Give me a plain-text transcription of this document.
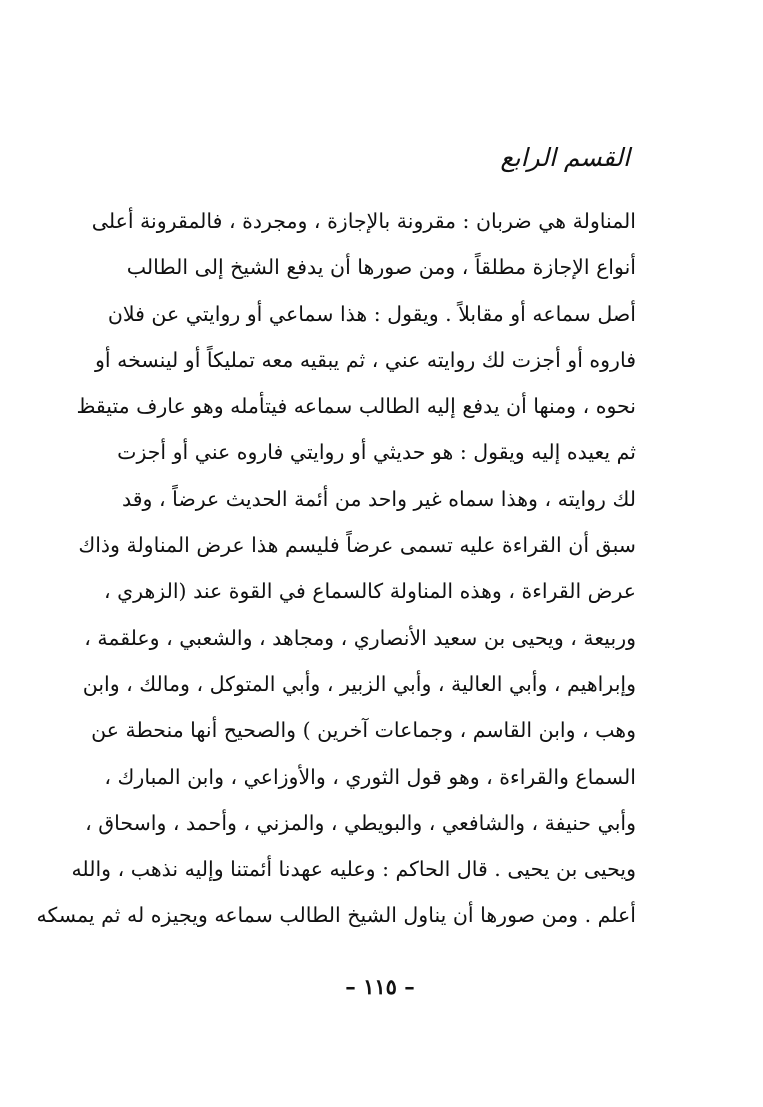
القسم الرابع
المناولة هي ضربان : مقرونة بالإجازة ، ومجردة ، فالمقرونة أعلى
أنواع الإجازة مطلقاً ، ومن صورها أن يدفع الشيخ إلى الطالب
أصل سماعه أو مقابلاً . ويقول : هذا سماعي أو روايتي عن فلان
فاروه أو أجزت لك روايته عني ، ثم يبقيه معه تمليكاً أو لينسخه أو
نحوه ، ومنها أن يدفع إليه الطالب سماعه فيتأمله وهو عارف متيقظ
ثم يعيده إليه ويقول : هو حديثي أو روايتي فاروه عني أو أجزت
لك روايته ، وهذا سماه غير واحد من أئمة الحديث عرضاً ، وقد
سبق أن القراءة عليه تسمى عرضاً فليسم هذا عرض المناولة وذاك
عرض القراءة ، وهذه المناولة كالسماع في القوة عند (الزهري ،
وربيعة ، ويحيى بن سعيد الأنصاري ، ومجاهد ، والشعبي ، وعلقمة ،
وإبراهيم ، وأبي العالية ، وأبي الزبير ، وأبي المتوكل ، ومالك ، وابن
وهب ، وابن القاسم ، وجماعات آخرين ) والصحيح أنها منحطة عن
السماع والقراءة ، وهو قول الثوري ، والأوزاعي ، وابن المبارك ،
وأبي حنيفة ، والشافعي ، والبويطي ، والمزني ، وأحمد ، واسحاق ،
ويحيى بن يحيى . قال الحاكم : وعليه عهدنا أئمتنا وإليه نذهب ، والله
أعلم . ومن صورها أن يناول الشيخ الطالب سماعه ويجيزه له ثم يمسكه
– ١١٥ –
